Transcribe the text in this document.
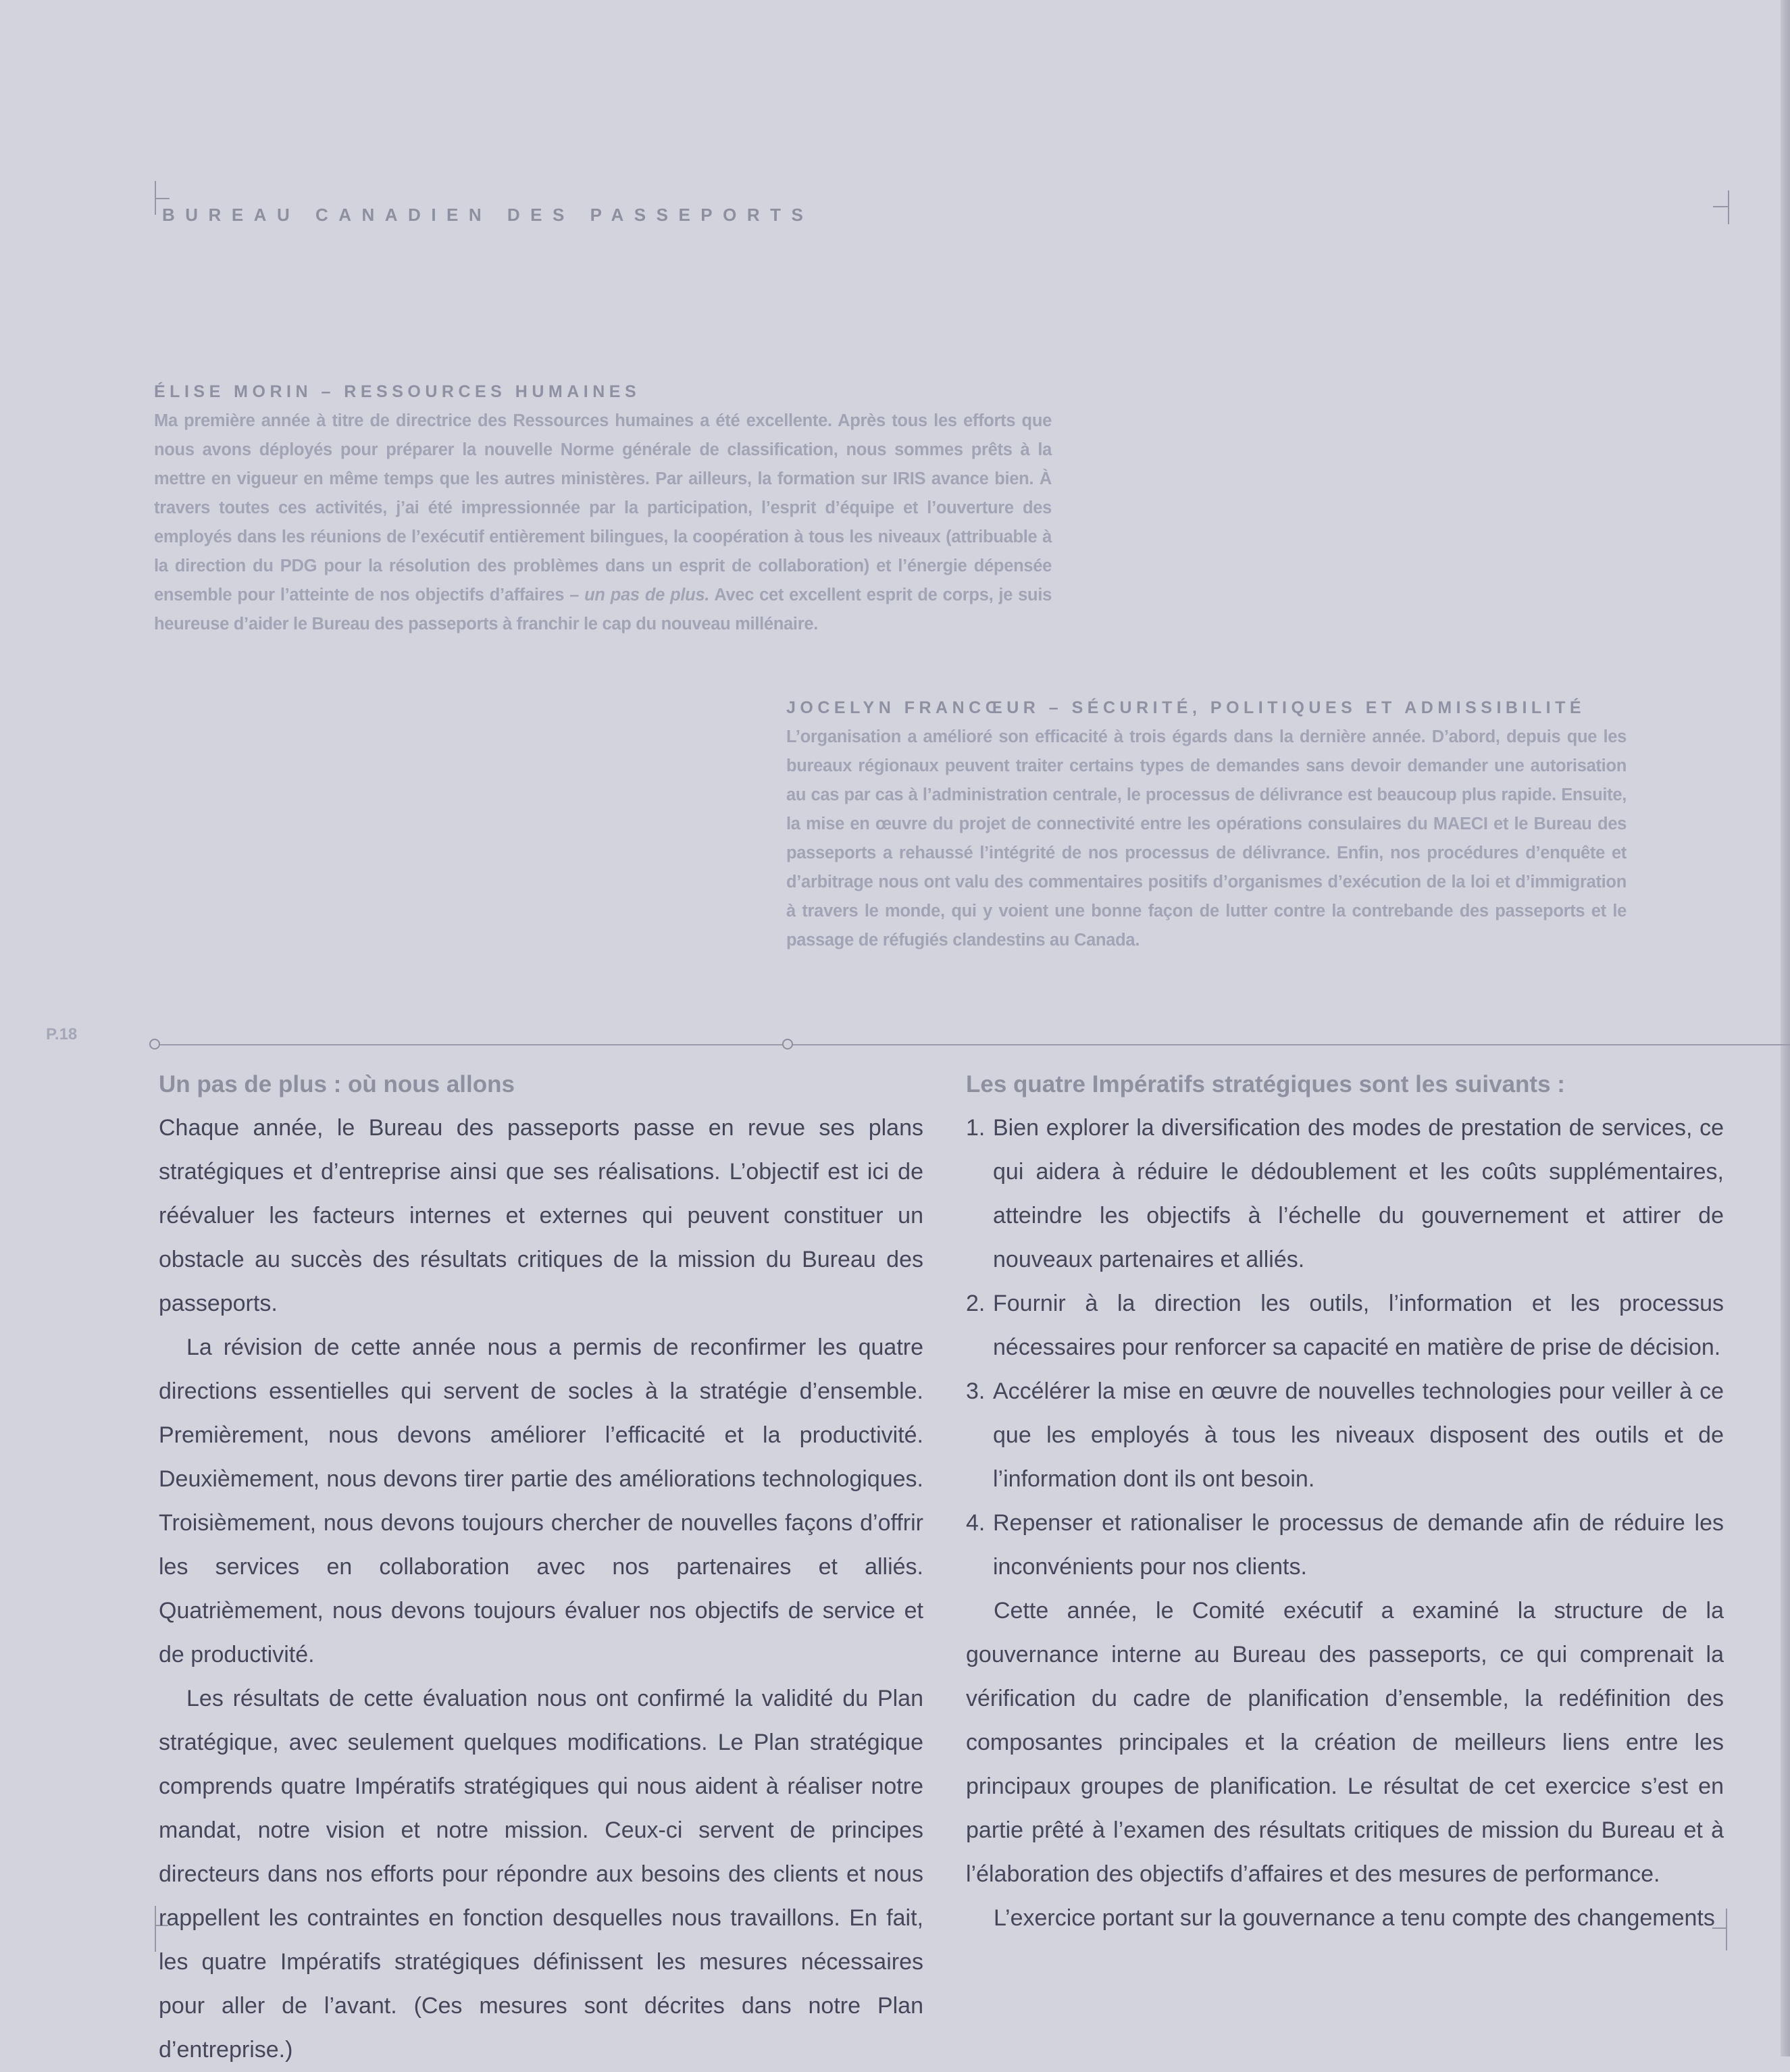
BUREAU CANADIEN DES PASSEPORTS
ÉLISE MORIN – RESSOURCES HUMAINES
Ma première année à titre de directrice des Ressources humaines a été excellente. Après tous les efforts que nous avons déployés pour préparer la nouvelle Norme générale de classification, nous sommes prêts à la mettre en vigueur en même temps que les autres ministères. Par ailleurs, la formation sur IRIS avance bien. À travers toutes ces activités, j’ai été impressionnée par la participation, l’esprit d’équipe et l’ouverture des employés dans les réunions de l’exécutif entièrement bilingues, la coopération à tous les niveaux (attribuable à la direction du PDG pour la résolution des problèmes dans un esprit de collaboration) et l’énergie dépensée ensemble pour l’atteinte de nos objectifs d’affaires – un pas de plus. Avec cet excellent esprit de corps, je suis heureuse d’aider le Bureau des passeports à franchir le cap du nouveau millénaire.
JOCELYN FRANCŒUR – SÉCURITÉ, POLITIQUES ET ADMISSIBILITÉ
L’organisation a amélioré son efficacité à trois égards dans la dernière année. D’abord, depuis que les bureaux régionaux peuvent traiter certains types de demandes sans devoir demander une autorisation au cas par cas à l’administration centrale, le processus de délivrance est beaucoup plus rapide. Ensuite, la mise en œuvre du projet de connectivité entre les opérations consulaires du MAECI et le Bureau des passeports a rehaussé l’intégrité de nos processus de délivrance. Enfin, nos procédures d’enquête et d’arbitrage nous ont valu des commentaires positifs d’organismes d’exécution de la loi et d’immigration à travers le monde, qui y voient une bonne façon de lutter contre la contrebande des passeports et le passage de réfugiés clandestins au Canada.
P.18
Un pas de plus : où nous allons	Les quatre Impératifs stratégiques sont les suivants :

Chaque année, le Bureau des passeports passe en revue ses plans stratégiques et d’entreprise ainsi que ses réalisations. L’objectif est ici de réévaluer les facteurs internes et externes qui peuvent constituer un obstacle au succès des résultats critiques de la mission du Bureau des passeports.

La révision de cette année nous a permis de reconfirmer les quatre directions essentielles qui servent de socles à la stratégie d’ensemble. Premièrement, nous devons améliorer l’efficacité et la productivité. Deuxièmement, nous devons tirer partie des améliorations technologiques. Troisièmement, nous devons toujours chercher de nouvelles façons d’offrir les services en collaboration avec nos partenaires et alliés. Quatrièmement, nous devons toujours évaluer nos objectifs de service et de productivité.

Les résultats de cette évaluation nous ont confirmé la validité du Plan stratégique, avec seulement quelques modifications. Le Plan stratégique comprends quatre Impératifs stratégiques qui nous aident à réaliser notre mandat, notre vision et notre mission. Ceux-ci servent de principes directeurs dans nos efforts pour répondre aux besoins des clients et nous rappellent les contraintes en fonction desquelles nous travaillons. En fait, les quatre Impératifs stratégiques définissent les mesures nécessaires pour aller de l’avant. (Ces mesures sont décrites dans notre Plan d’entreprise.)

1. Bien explorer la diversification des modes de prestation de services, ce qui aidera à réduire le dédoublement et les coûts supplémentaires, atteindre les objectifs à l’échelle du gouvernement et attirer de nouveaux partenaires et alliés.
2. Fournir à la direction les outils, l’information et les processus nécessaires pour renforcer sa capacité en matière de prise de décision.
3. Accélérer la mise en œuvre de nouvelles technologies pour veiller à ce que les employés à tous les niveaux disposent des outils et de l’information dont ils ont besoin.
4. Repenser et rationaliser le processus de demande afin de réduire les inconvénients pour nos clients.

Cette année, le Comité exécutif a examiné la structure de la gouvernance interne au Bureau des passeports, ce qui comprenait la vérification du cadre de planification d’ensemble, la redéfinition des composantes principales et la création de meilleurs liens entre les principaux groupes de planification. Le résultat de cet exercice s’est en partie prêté à l’examen des résultats critiques de mission du Bureau et à l’élaboration des objectifs d’affaires et des mesures de performance.

L’exercice portant sur la gouvernance a tenu compte des changements
